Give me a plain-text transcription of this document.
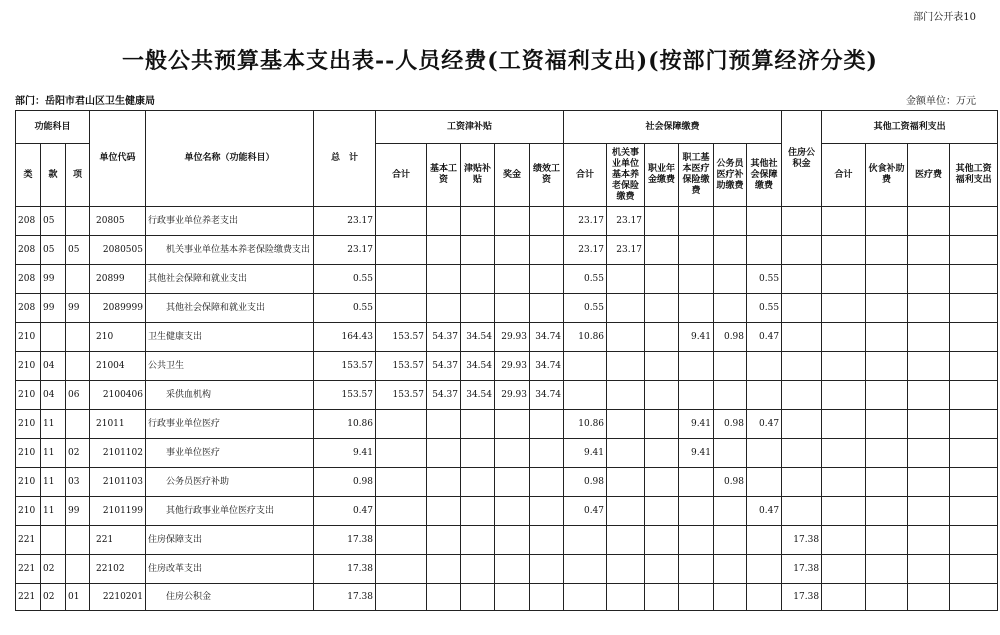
部门公开表10
一般公共预算基本支出表--人员经费(工资福利支出)(按部门预算经济分类)
部门：岳阳市君山区卫生健康局	金额单位：万元
功能科目			单位代码	单位名称（功能科目）	总　计	工资津补贴					社会保障缴费						住房公积金	其他工资福利支出			
类	款	项				合计	基本工资	津贴补贴	奖金	绩效工资	合计	机关事业单位基本养老保险缴费	职业年金缴费	职工基本医疗保险缴费	公务员医疗补助缴费	其他社会保障缴费		合计	伙食补助费	医疗费	其他工资福利支出
208	05		20805	行政事业单位养老支出	23.17						23.17	23.17									
208	05	05	2080505	机关事业单位基本养老保险缴费支出	23.17						23.17	23.17									
208	99		20899	其他社会保障和就业支出	0.55						0.55					0.55					
208	99	99	2089999	其他社会保障和就业支出	0.55						0.55					0.55					
210			210	卫生健康支出	164.43	153.57	54.37	34.54	29.93	34.74	10.86			9.41	0.98	0.47					
210	04		21004	公共卫生	153.57	153.57	54.37	34.54	29.93	34.74											
210	04	06	2100406	采供血机构	153.57	153.57	54.37	34.54	29.93	34.74											
210	11		21011	行政事业单位医疗	10.86						10.86			9.41	0.98	0.47					
210	11	02	2101102	事业单位医疗	9.41						9.41			9.41							
210	11	03	2101103	公务员医疗补助	0.98						0.98				0.98						
210	11	99	2101199	其他行政事业单位医疗支出	0.47						0.47					0.47					
221			221	住房保障支出	17.38												17.38				
221	02		22102	住房改革支出	17.38												17.38				
221	02	01	2210201	住房公积金	17.38												17.38				
